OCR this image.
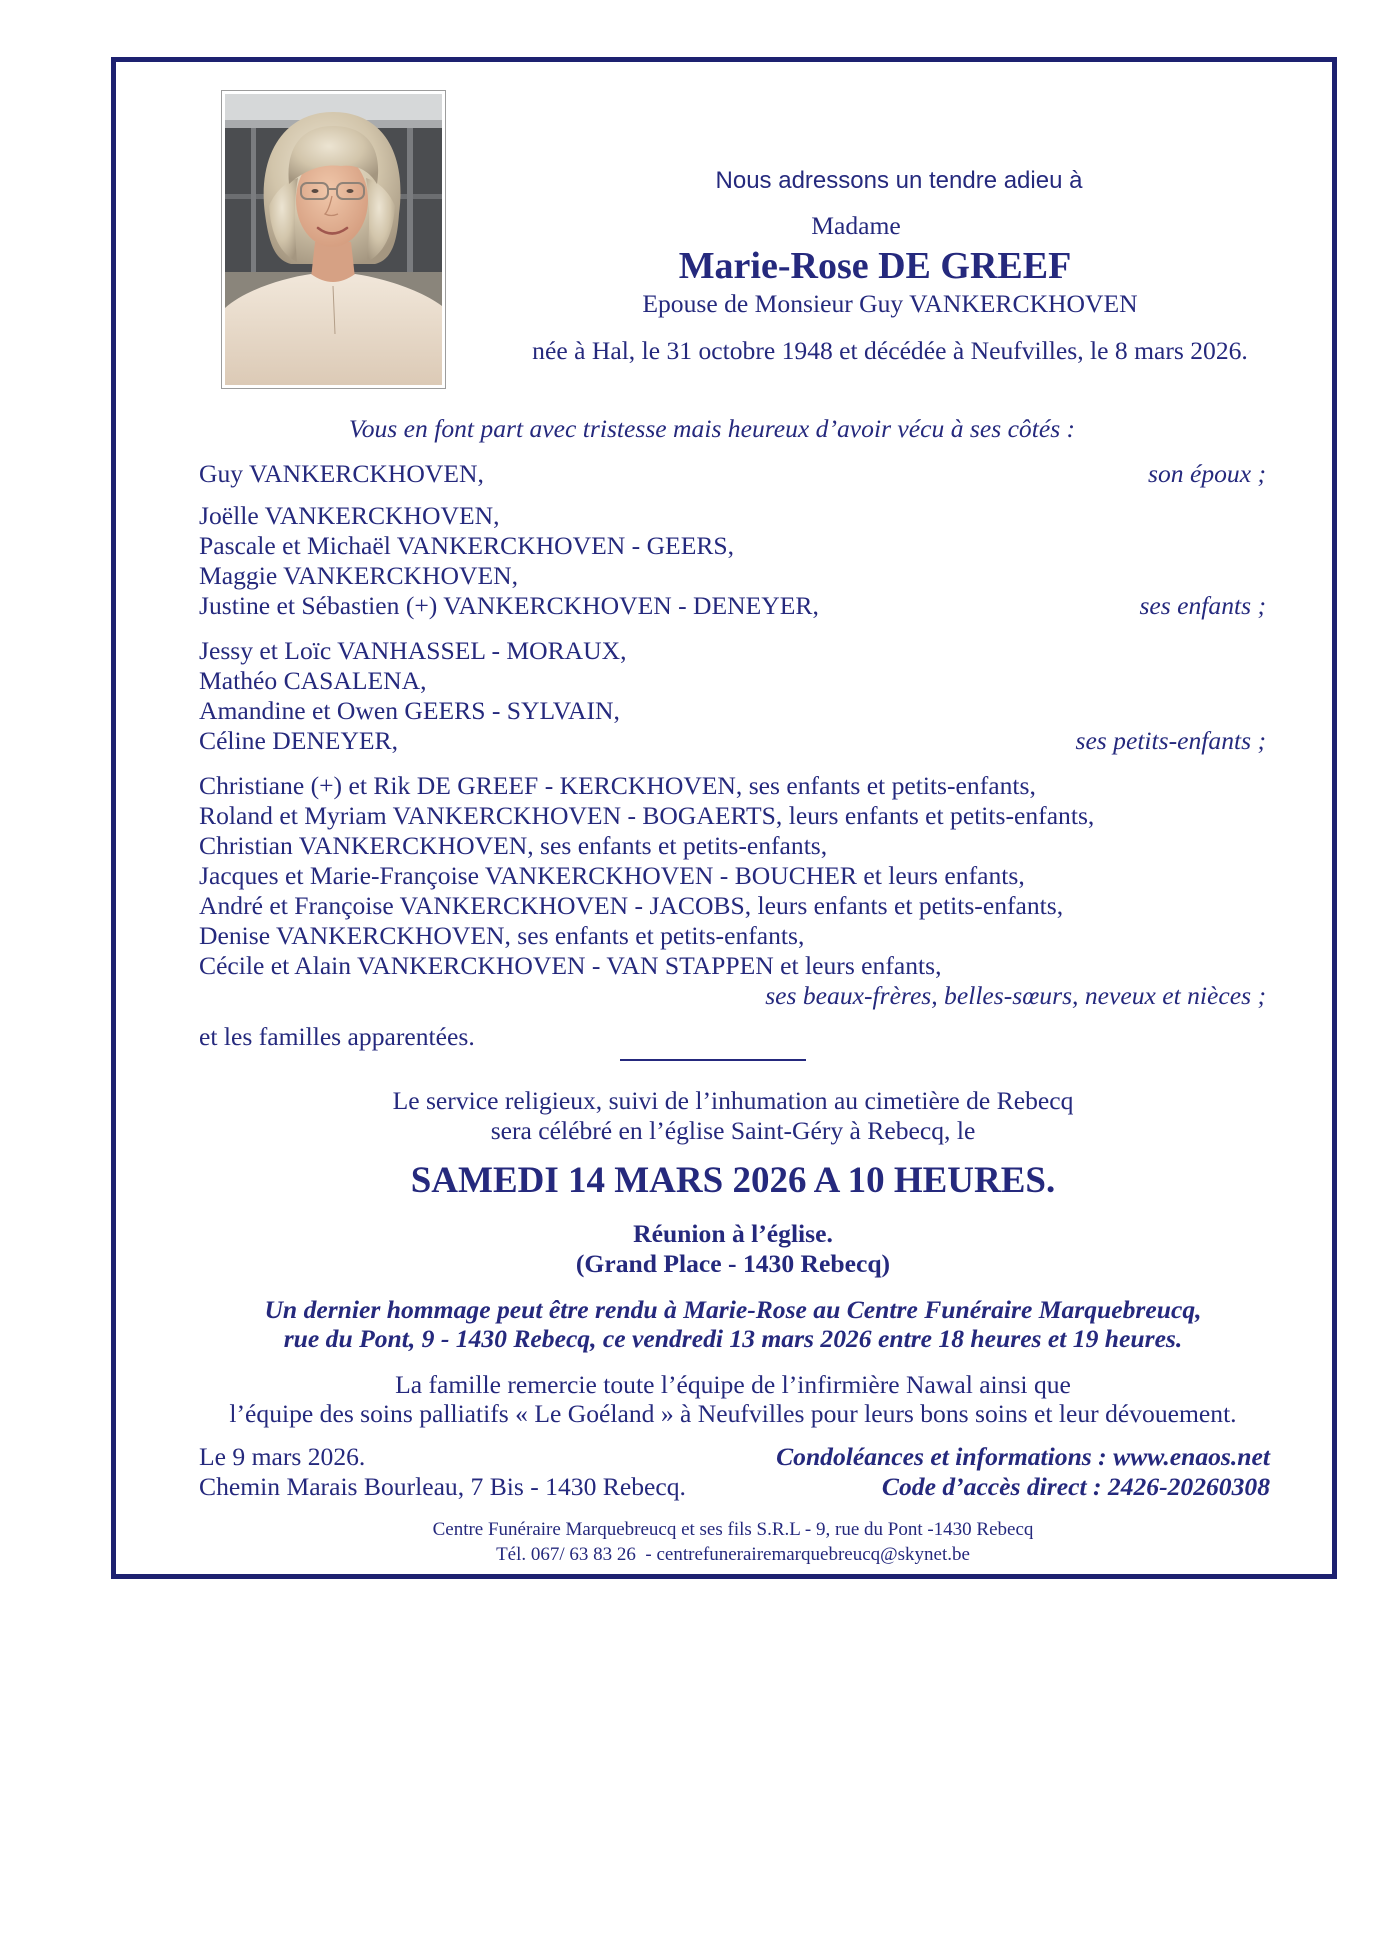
Nous adressons un tendre adieu à
Madame
Marie-Rose DE GREEF
Epouse de Monsieur Guy VANKERCKHOVEN
née à Hal, le 31 octobre 1948 et décédée à Neufvilles, le 8 mars 2026.
Vous en font part avec tristesse mais heureux d’avoir vécu à ses côtés :
Guy VANKERCKHOVEN,	son époux ;
Joëlle VANKERCKHOVEN,
Pascale et Michaël VANKERCKHOVEN - GEERS,
Maggie VANKERCKHOVEN,
Justine et Sébastien (+) VANKERCKHOVEN - DENEYER,	ses enfants ;
Jessy et Loïc VANHASSEL - MORAUX,
Mathéo CASALENA,
Amandine et Owen GEERS - SYLVAIN,
Céline DENEYER,	ses petits-enfants ;
Christiane (+) et Rik DE GREEF - KERCKHOVEN, ses enfants et petits-enfants,
Roland et Myriam VANKERCKHOVEN - BOGAERTS, leurs enfants et petits-enfants,
Christian VANKERCKHOVEN, ses enfants et petits-enfants,
Jacques et Marie-Françoise VANKERCKHOVEN - BOUCHER et leurs enfants,
André et Françoise VANKERCKHOVEN - JACOBS, leurs enfants et petits-enfants,
Denise VANKERCKHOVEN, ses enfants et petits-enfants,
Cécile et Alain VANKERCKHOVEN - VAN STAPPEN et leurs enfants,
ses beaux-frères, belles-sœurs, neveux et nièces ;
et les familles apparentées.
Le service religieux, suivi de l’inhumation au cimetière de Rebecq
sera célébré en l’église Saint-Géry à Rebecq, le
SAMEDI 14 MARS 2026 A 10 HEURES.
Réunion à l’église.
(Grand Place - 1430 Rebecq)
Un dernier hommage peut être rendu à Marie-Rose au Centre Funéraire Marquebreucq,
rue du Pont, 9 - 1430 Rebecq, ce vendredi 13 mars 2026 entre 18 heures et 19 heures.
La famille remercie toute l’équipe de l’infirmière Nawal ainsi que
l’équipe des soins palliatifs « Le Goéland » à Neufvilles pour leurs bons soins et leur dévouement.
Le 9 mars 2026.	Condoléances et informations : www.enaos.net
Chemin Marais Bourleau, 7 Bis - 1430 Rebecq.	Code d’accès direct : 2426-20260308
Centre Funéraire Marquebreucq et ses fils S.R.L - 9, rue du Pont -1430 Rebecq
Tél. 067/ 63 83 26  - centrefunerairemarquebreucq@skynet.be
